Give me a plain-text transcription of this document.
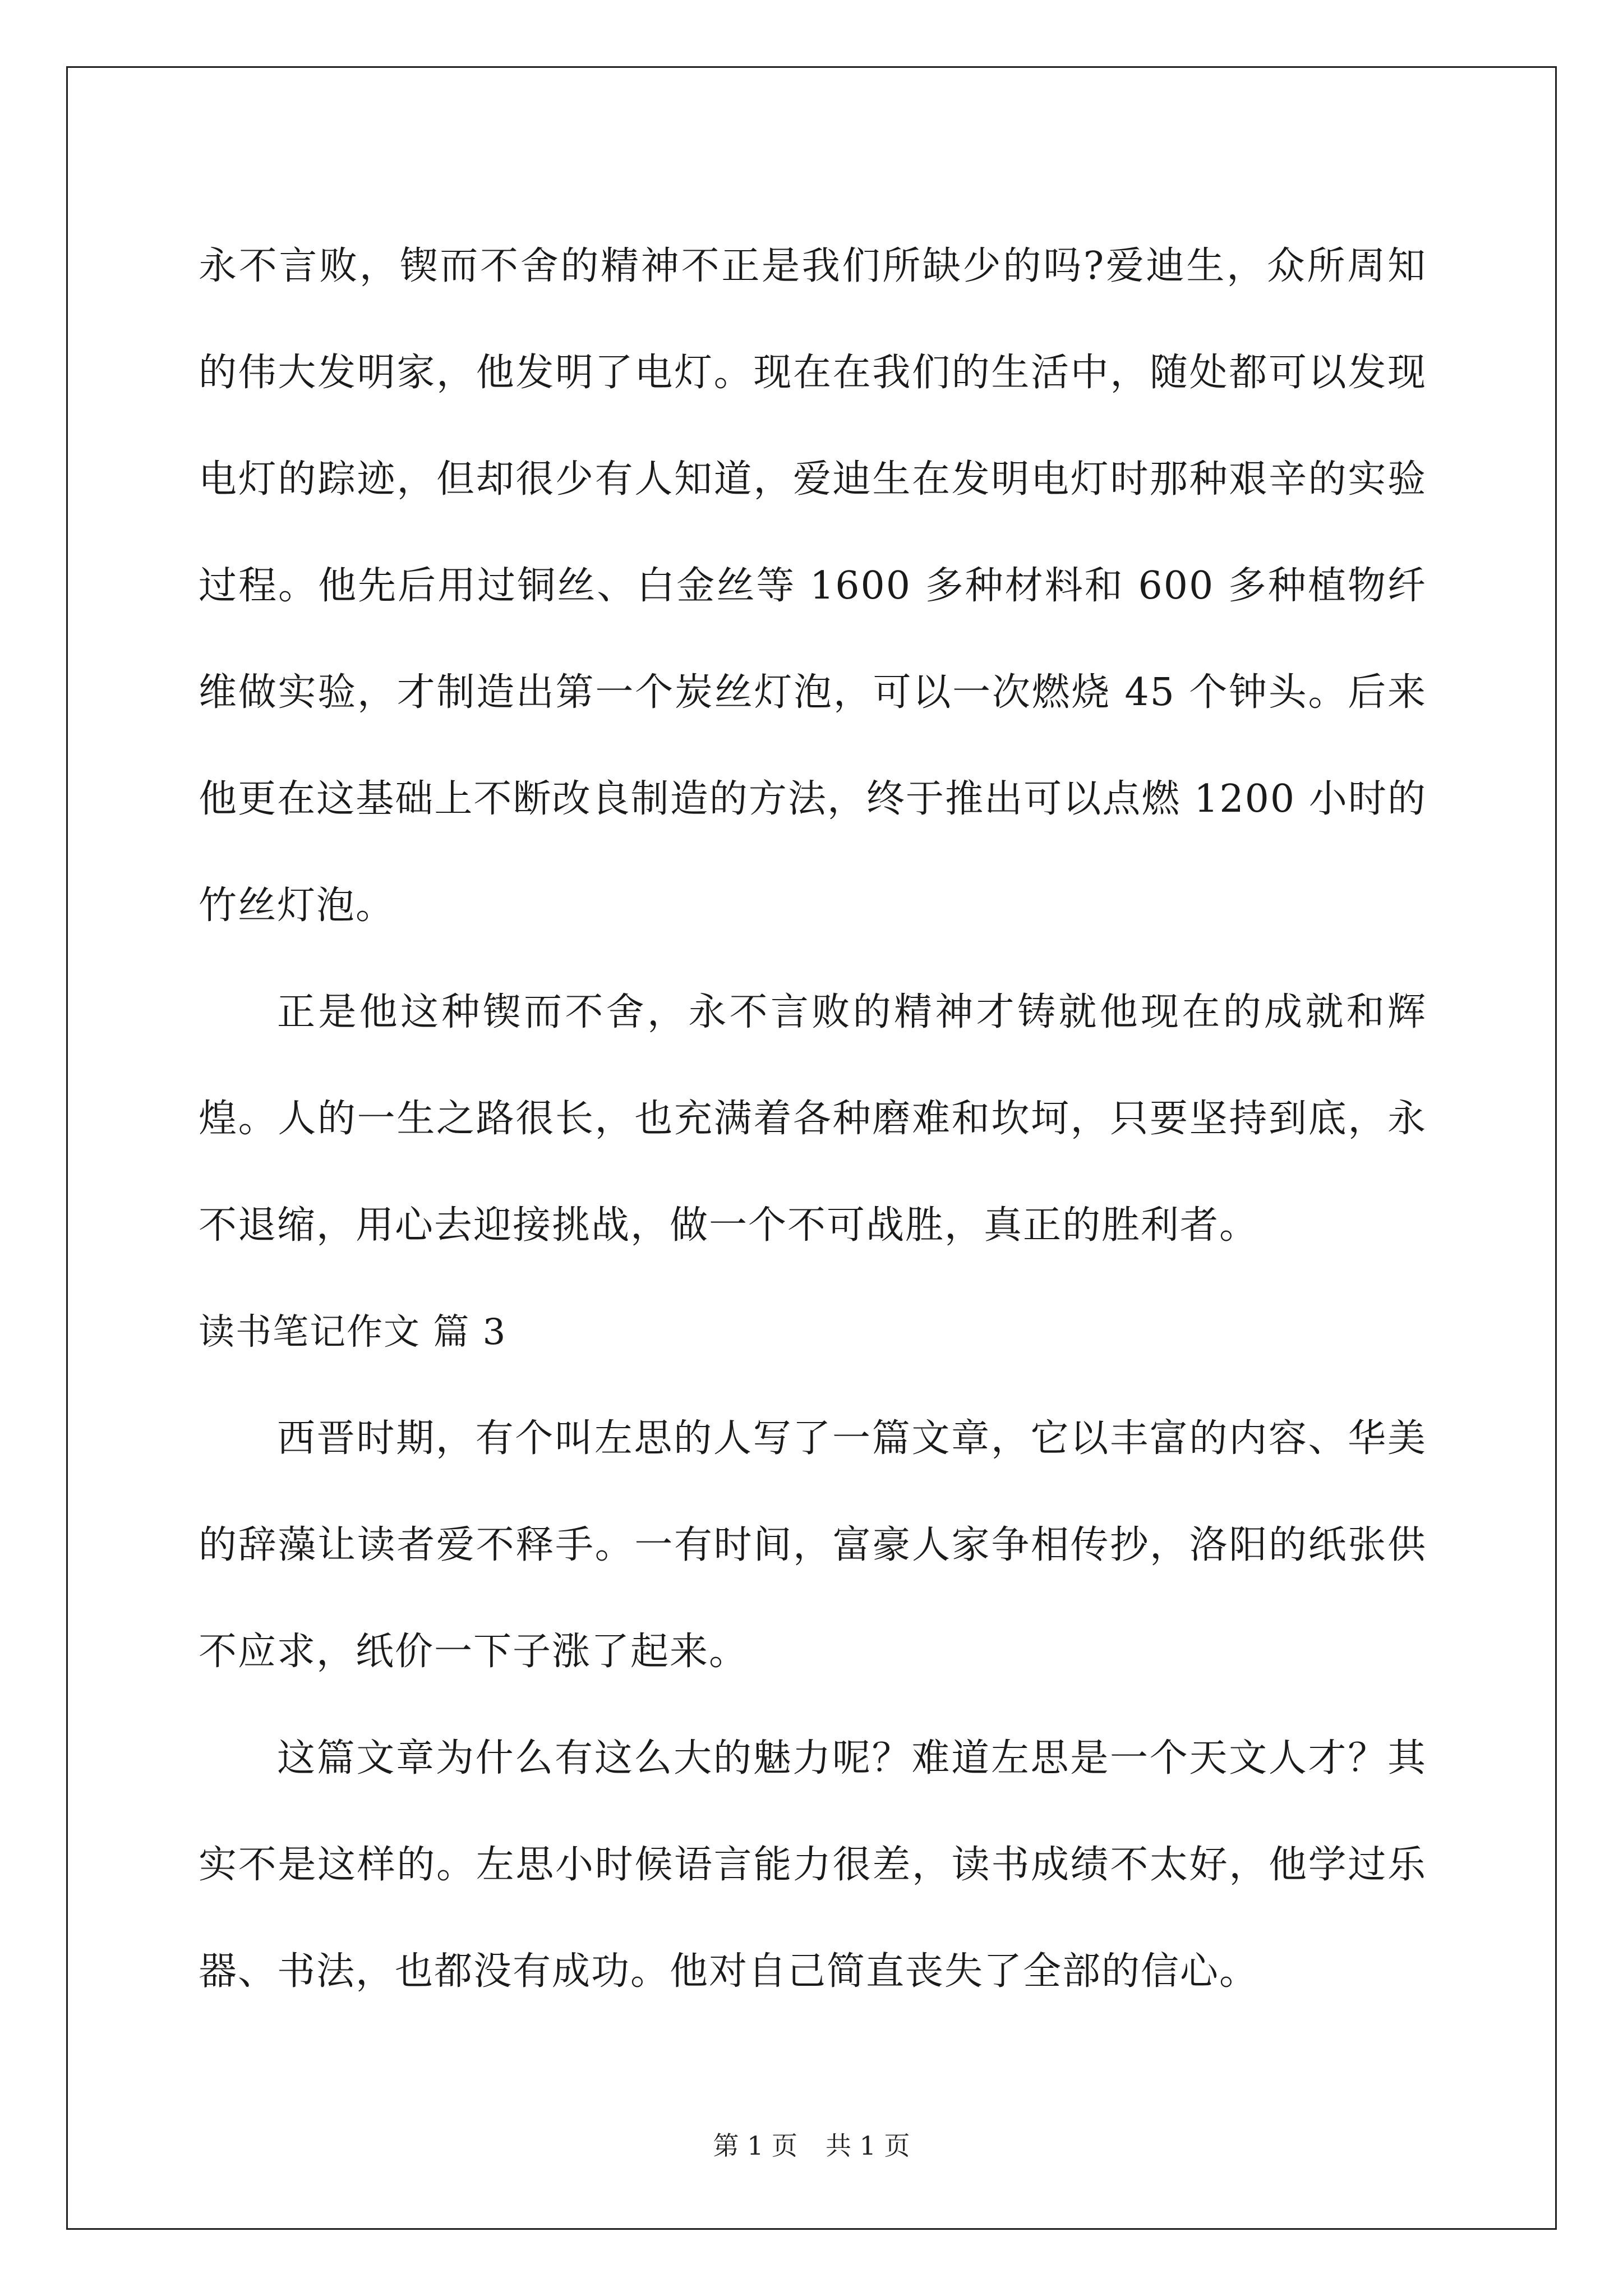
永不言败，锲而不舍的精神不正是我们所缺少的吗?爱迪生，众所周知的伟大发明家，他发明了电灯。现在在我们的生活中，随处都可以发现电灯的踪迹，但却很少有人知道，爱迪生在发明电灯时那种艰辛的实验过程。他先后用过铜丝、白金丝等 1600 多种材料和 600 多种植物纤维做实验，才制造出第一个炭丝灯泡，可以一次燃烧 45 个钟头。后来他更在这基础上不断改良制造的方法，终于推出可以点燃 1200 小时的竹丝灯泡。

正是他这种锲而不舍，永不言败的精神才铸就他现在的成就和辉煌。人的一生之路很长，也充满着各种磨难和坎坷，只要坚持到底，永不退缩，用心去迎接挑战，做一个不可战胜，真正的胜利者。

读书笔记作文 篇 3

西晋时期，有个叫左思的人写了一篇文章，它以丰富的内容、华美的辞藻让读者爱不释手。一有时间，富豪人家争相传抄，洛阳的纸张供不应求，纸价一下子涨了起来。

这篇文章为什么有这么大的魅力呢？难道左思是一个天文人才？其实不是这样的。左思小时候语言能力很差，读书成绩不太好，他学过乐器、书法，也都没有成功。他对自己简直丧失了全部的信心。

第 1 页 共 1 页
